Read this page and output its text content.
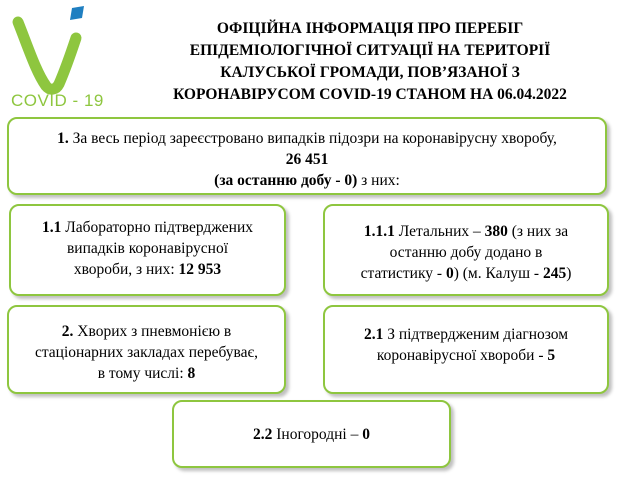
COVID - 19
ОФІЦІЙНА ІНФОРМАЦІЯ ПРО ПЕРЕБІГ
ЕПІДЕМІОЛОГІЧНОЇ СИТУАЦІЇ НА ТЕРИТОРІЇ
КАЛУСЬКОЇ ГРОМАДИ, ПОВ’ЯЗАНОЇ З
КОРОНАВІРУСОМ COVID-19 СТАНОМ НА 06.04.2022
1. За весь період зареєстровано випадків підозри на коронавірусну хворобу,
26 451
(за останню добу - 0) з них:
1.1 Лабораторно підтверджених
випадків коронавірусної
хвороби, з них: 12 953
1.1.1 Летальних – 380 (з них за
останню добу додано в
статистику - 0) (м. Калуш - 245)
2. Хворих з пневмонією в
стаціонарних закладах перебуває,
в тому числі: 8
2.1 З підтвердженим діагнозом
коронавірусної хвороби - 5
2.2 Іногородні – 0
